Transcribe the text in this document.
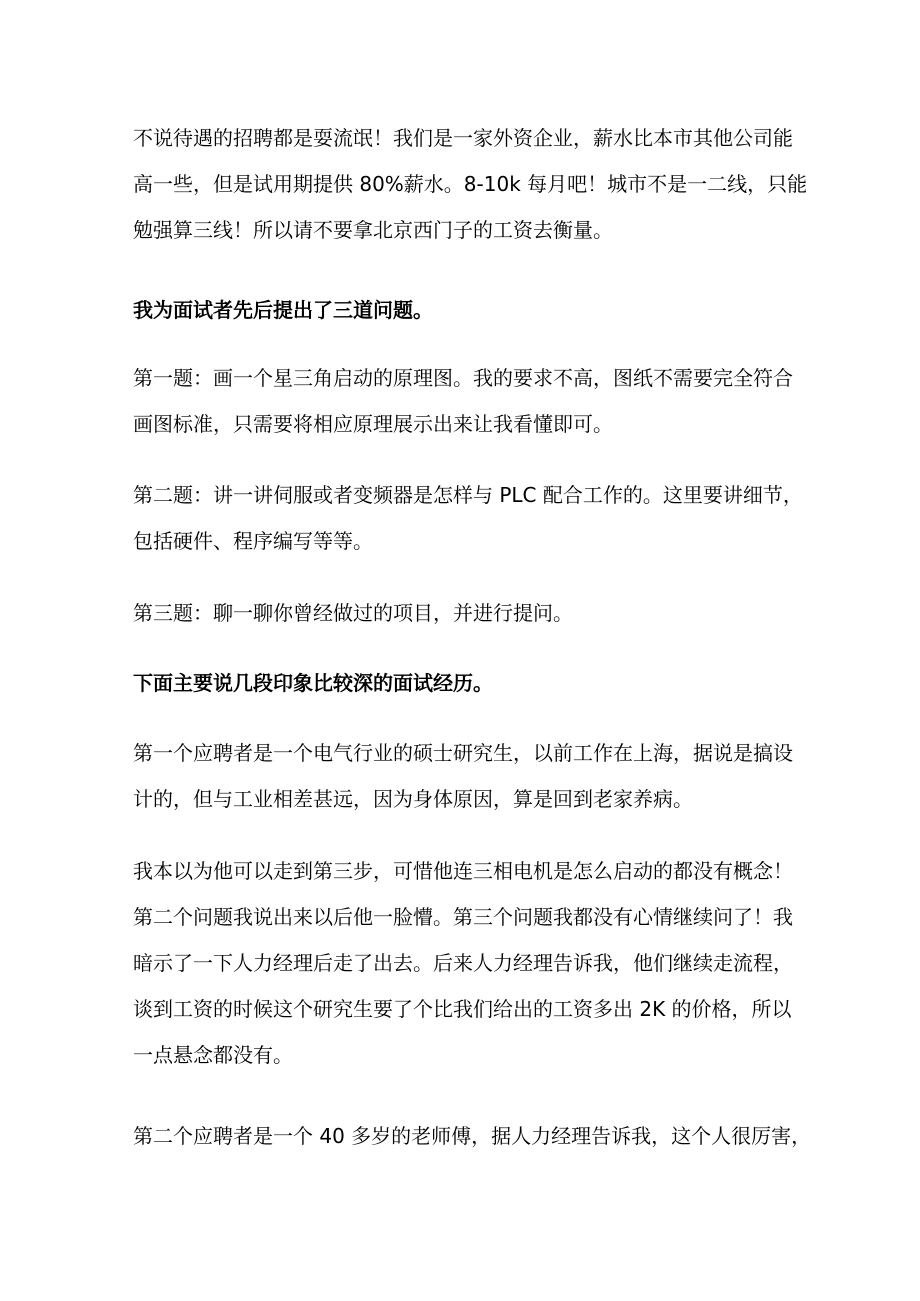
不说待遇的招聘都是耍流氓！我们是一家外资企业，薪水比本市其他公司能
高一些，但是试用期提供 80%薪水。8-10k 每月吧！城市不是一二线，只能
勉强算三线！所以请不要拿北京西门子的工资去衡量。

我为面试者先后提出了三道问题。

第一题：画一个星三角启动的原理图。我的要求不高，图纸不需要完全符合
画图标准，只需要将相应原理展示出来让我看懂即可。

第二题：讲一讲伺服或者变频器是怎样与 PLC 配合工作的。这里要讲细节，
包括硬件、程序编写等等。

第三题：聊一聊你曾经做过的项目，并进行提问。

下面主要说几段印象比较深的面试经历。

第一个应聘者是一个电气行业的硕士研究生，以前工作在上海，据说是搞设
计的，但与工业相差甚远，因为身体原因，算是回到老家养病。

我本以为他可以走到第三步，可惜他连三相电机是怎么启动的都没有概念！
第二个问题我说出来以后他一脸懵。第三个问题我都没有心情继续问了！我
暗示了一下人力经理后走了出去。后来人力经理告诉我，他们继续走流程，
谈到工资的时候这个研究生要了个比我们给出的工资多出 2K 的价格，所以
一点悬念都没有。

第二个应聘者是一个 40 多岁的老师傅，据人力经理告诉我，这个人很厉害，
